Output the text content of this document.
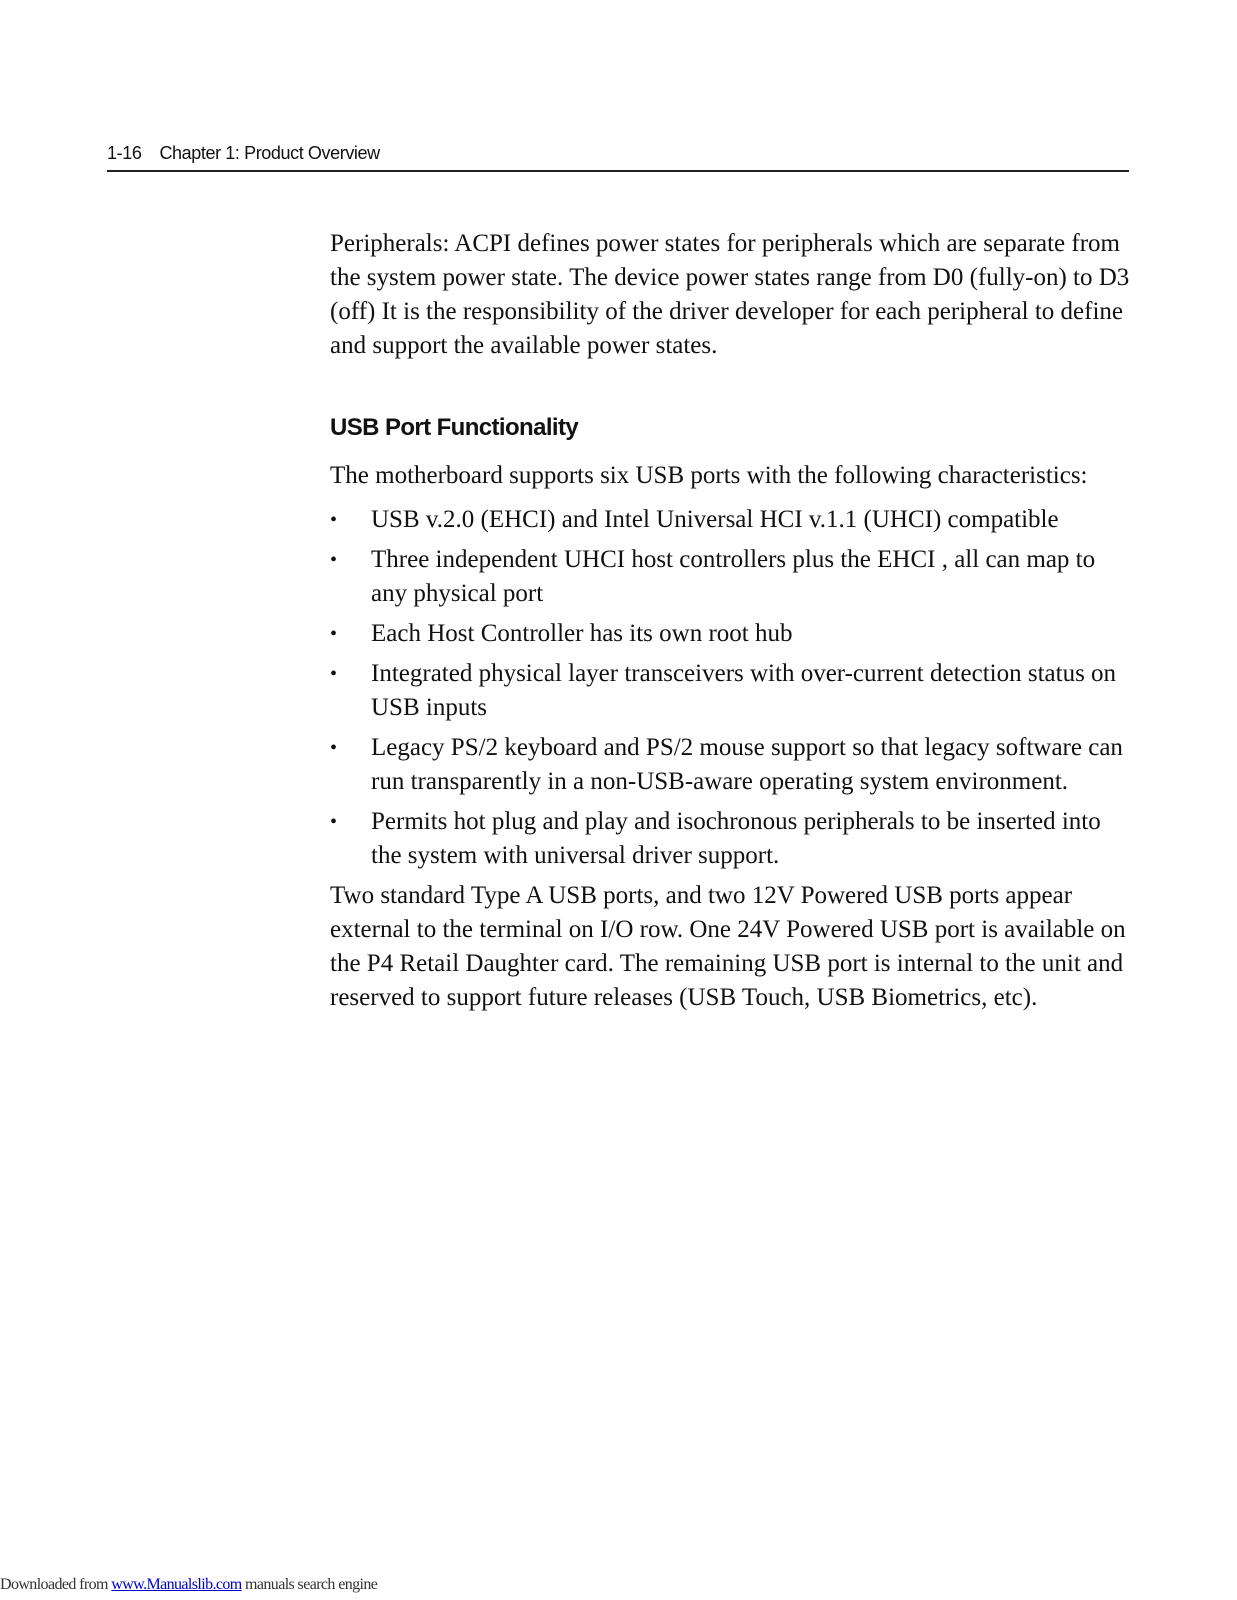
1-16 Chapter 1: Product Overview

Peripherals: ACPI defines power states for peripherals which are separate from the system power state. The device power states range from D0 (fully-on) to D3 (off) It is the responsibility of the driver developer for each peripheral to define and support the available power states.

USB Port Functionality

The motherboard supports six USB ports with the following characteristics:

• USB v.2.0 (EHCI) and Intel Universal HCI v.1.1 (UHCI) compatible
• Three independent UHCI host controllers plus the EHCI , all can map to any physical port
• Each Host Controller has its own root hub
• Integrated physical layer transceivers with over-current detection status on USB inputs
• Legacy PS/2 keyboard and PS/2 mouse support so that legacy software can run transparently in a non-USB-aware operating system environment.
• Permits hot plug and play and isochronous peripherals to be inserted into the system with universal driver support.

Two standard Type A USB ports, and two 12V Powered USB ports appear external to the terminal on I/O row. One 24V Powered USB port is available on the P4 Retail Daughter card. The remaining USB port is internal to the unit and reserved to support future releases (USB Touch, USB Biometrics, etc).

Downloaded from www.Manualslib.com manuals search engine
